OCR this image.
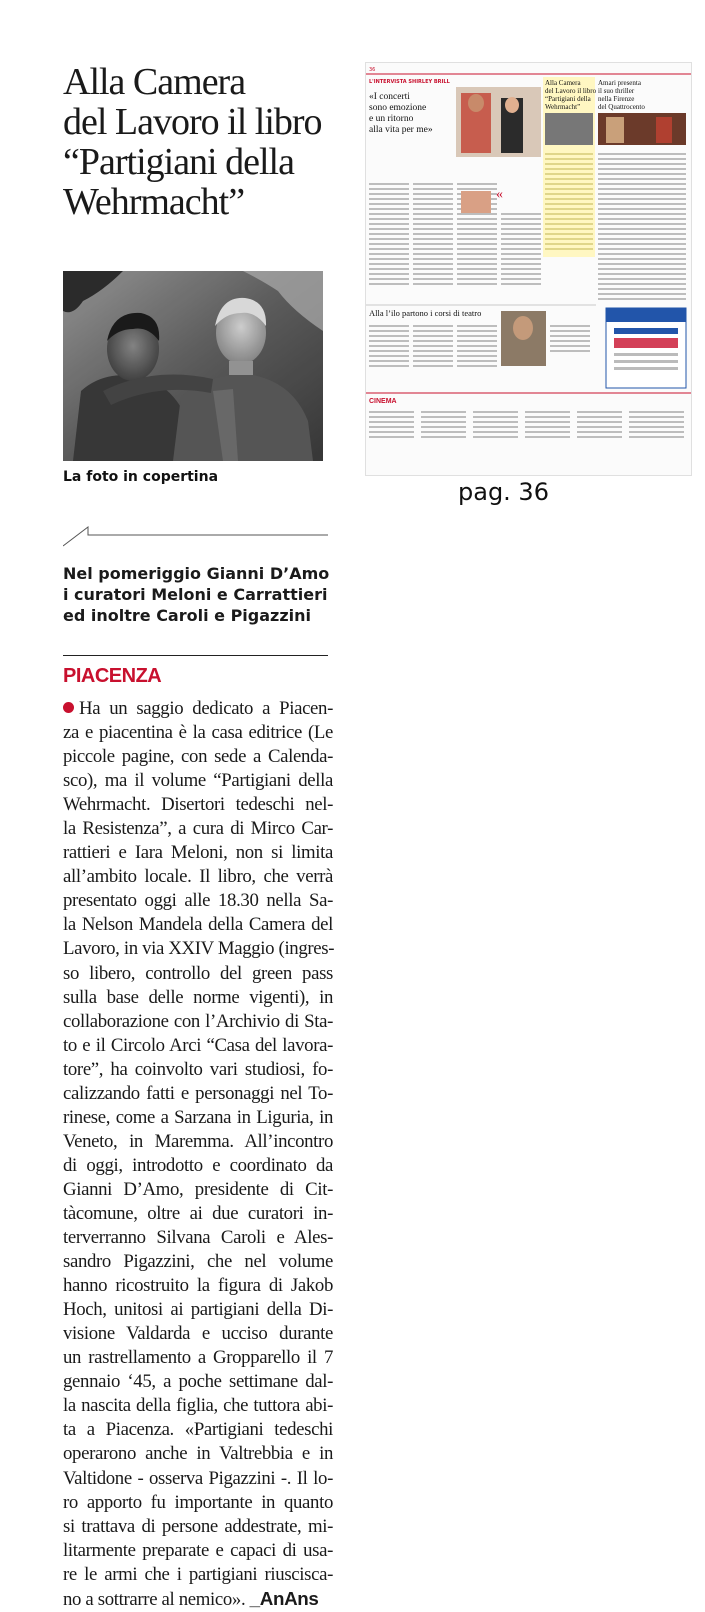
Alla Camera
del Lavoro il libro
“Partigiani della
Wehrmacht”
La foto in copertina
Nel pomeriggio Gianni D’Amo
i curatori Meloni e Carrattieri
ed inoltre Caroli e Pigazzini
PIACENZA
Ha un saggio dedicato a Piacen-
za e piacentina è la casa editrice (Le
piccole pagine, con sede a Calenda-
sco), ma il volume “Partigiani della
Wehrmacht. Disertori tedeschi nel-
la Resistenza”, a cura di Mirco Car-
rattieri e Iara Meloni, non si limita
all’ambito locale. Il libro, che verrà
presentato oggi alle 18.30 nella Sa-
la Nelson Mandela della Camera del
Lavoro, in via XXIV Maggio (ingres-
so libero, controllo del green pass
sulla base delle norme vigenti), in
collaborazione con l’Archivio di Sta-
to e il Circolo Arci “Casa del lavora-
tore”, ha coinvolto vari studiosi, fo-
calizzando fatti e personaggi nel To-
rinese, come a Sarzana in Liguria, in
Veneto, in Maremma. All’incontro
di oggi, introdotto e coordinato da
Gianni D’Amo, presidente di Cit-
tàcomune, oltre ai due curatori in-
terverranno Silvana Caroli e Ales-
sandro Pigazzini, che nel volume
hanno ricostruito la figura di Jakob
Hoch, unitosi ai partigiani della Di-
visione Valdarda e ucciso durante
un rastrellamento a Gropparello il 7
gennaio ‘45, a poche settimane dal-
la nascita della figlia, che tuttora abi-
ta a Piacenza. «Partigiani tedeschi
operarono anche in Valtrebbia e in
Valtidone - osserva Pigazzini -. Il lo-
ro apporto fu importante in quanto
si trattava di persone addestrate, mi-
litarmente preparate e capaci di usa-
re le armi che i partigiani riuscisca-
no a sottrarre al nemico». _AnAns
36
L'INTERVISTA SHIRLEY BRILL
«I concerti
sono emozione
e un ritorno
alla vita per me»
Alla Camera
del Lavoro il libro
“Partigiani della
Wehrmacht”
Amari presenta
il suo thriller
nella Firenze
del Quattrocento
«
Alla l’ilo partono i corsi di teatro
CINEMA
pag. 36
